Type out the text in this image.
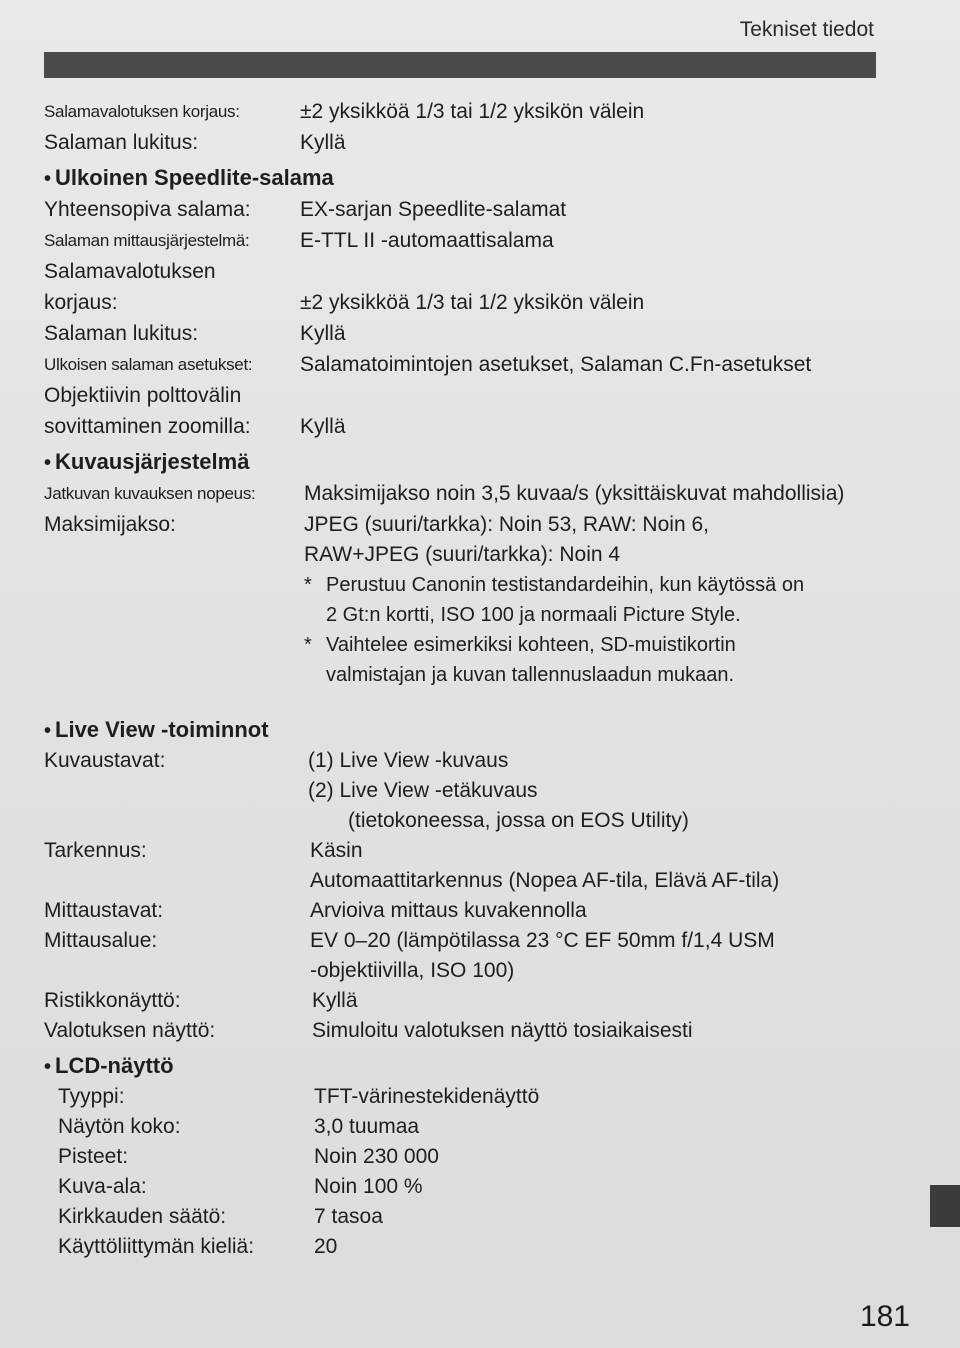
Tekniset tiedot
Salamavalotuksen korjaus:	±2 yksikköä 1/3 tai 1/2 yksikön välein
Salaman lukitus:	Kyllä
• Ulkoinen Speedlite-salama
Yhteensopiva salama: EX-sarjan Speedlite-salamat
Salaman mittausjärjestelmä: E-TTL II -automaattisalama
Salamavalotuksen
korjaus:	±2 yksikköä 1/3 tai 1/2 yksikön välein
Salaman lukitus:	Kyllä
Ulkoisen salaman asetukset: Salamatoimintojen asetukset, Salaman C.Fn-asetukset
Objektiivin polttovälin
sovittaminen zoomilla: Kyllä
• Kuvausjärjestelmä
Jatkuvan kuvauksen nopeus: Maksimijakso noin 3,5 kuvaa/s (yksittäiskuvat mahdollisia)
Maksimijakso:	JPEG (suuri/tarkka): Noin 53, RAW: Noin 6,
RAW+JPEG (suuri/tarkka): Noin 4
* Perustuu Canonin testistandardeihin, kun käytössä on
2 Gt:n kortti, ISO 100 ja normaali Picture Style.
* Vaihtelee esimerkiksi kohteen, SD-muistikortin
valmistajan ja kuvan tallennuslaadun mukaan.
• Live View -toiminnot
Kuvaustavat:	(1) Live View -kuvaus
(2) Live View -etäkuvaus
(tietokoneessa, jossa on EOS Utility)
Tarkennus:	Käsin
Automaattitarkennus (Nopea AF-tila, Elävä AF-tila)
Mittaustavat:	Arvioiva mittaus kuvakennolla
Mittausalue:	EV 0–20 (lämpötilassa 23 °C EF 50mm f/1,4 USM
-objektiivilla, ISO 100)
Ristikkonäyttö:	Kyllä
Valotuksen näyttö:	Simuloitu valotuksen näyttö tosiaikaisesti
• LCD-näyttö
Tyyppi:	TFT-värinestekidenäyttö
Näytön koko:	3,0 tuumaa
Pisteet:	Noin 230 000
Kuva-ala:	Noin 100 %
Kirkkauden säätö:	7 tasoa
Käyttöliittymän kieliä:	20
181
